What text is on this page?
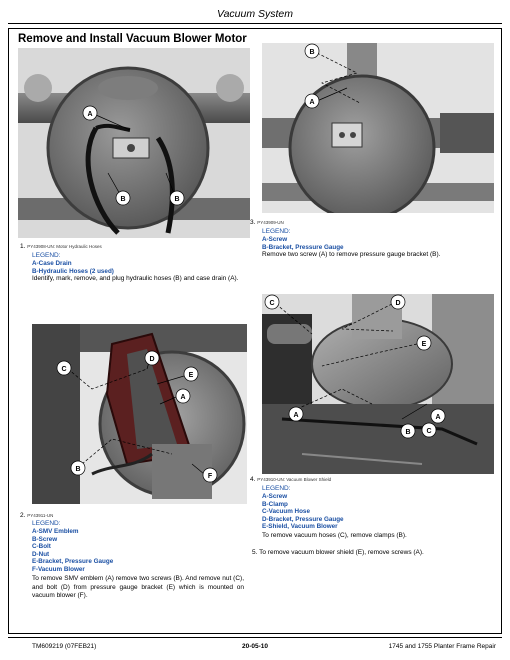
Vacuum System
Remove and Install Vacuum Blower Motor
A
B	B
1. PY43908-UN: Motor Hydraulic Hoses
LEGEND:
A-Case Drain
B-Hydraulic Hoses (2 used)
Identify, mark, remove, and plug hydraulic hoses (B) and case drain (A).
B
A
3. PY43909-UN
LEGEND:
A-Screw
B-Bracket, Pressure Gauge
Remove two screw (A) to remove pressure gauge bracket (B).
C
D
E
A
B
F
2. PY43911-UN
LEGEND:
A-SMV Emblem
B-Screw
C-Bolt
D-Nut
E-Bracket, Pressure Gauge
F-Vacuum Blower
To remove SMV emblem (A) remove two screws (B). And remove nut (C), and bolt (D) from pressure gauge bracket (E) which is mounted on vacuum blower (F).
C	D
E
A
B C
A
4. PY43910-UN: Vacuum Blower Shield
LEGEND:
A-Screw
B-Clamp
C-Vacuum Hose
D-Bracket, Pressure Gauge
E-Shield, Vacuum Blower
To remove vacuum hoses (C), remove clamps (B).
5. To remove vacuum blower shield (E), remove screws (A).
TM609219 (07FEB21)	20-05-10	1745 and 1755 Planter Frame Repair
